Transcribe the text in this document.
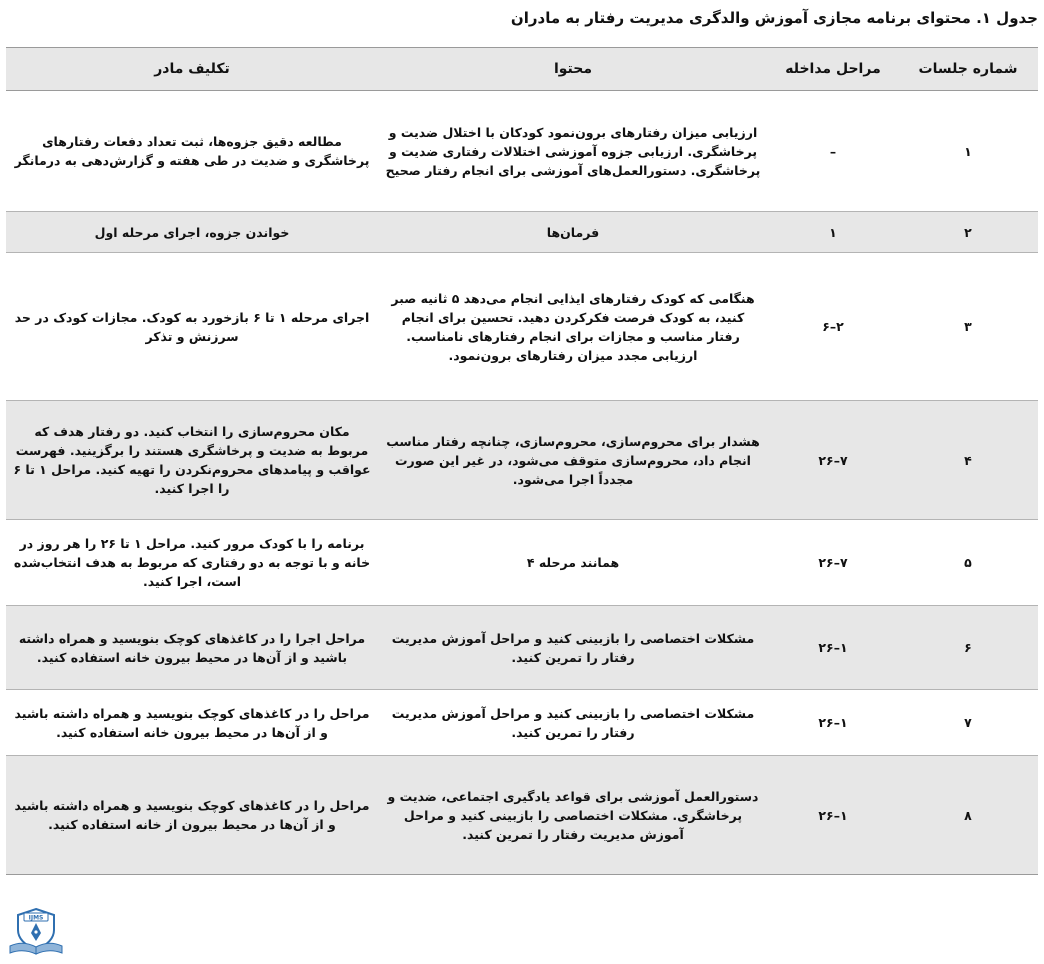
جدول ۱. محتوای برنامه مجازی آموزش والدگری مدیریت رفتار به مادران
شماره جلسات	مراحل مداخله	محتوا	تکلیف مادر
۱	–	ارزیابی میزان رفتارهای برون‌نمود کودکان با اختلال ضدیت و پرخاشگری. ارزیابی جزوه آموزشی اختلالات رفتاری ضدیت و پرخاشگری. دستورالعمل‌های آموزشی برای انجام رفتار صحیح	مطالعه دقیق جزوه‌ها، ثبت تعداد دفعات رفتارهای پرخاشگری و ضدیت در طی هفته و گزارش‌دهی به درمانگر
۲	۱	فرمان‌ها	خواندن جزوه، اجرای مرحله اول
۳	۲–۶	هنگامی که کودک رفتارهای ایذایی انجام می‌دهد ۵ ثانیه صبر کنید، به کودک فرصت فکرکردن دهید. تحسین برای انجام رفتار مناسب و مجازات برای انجام رفتارهای نامناسب. ارزیابی مجدد میزان رفتارهای برون‌نمود.	اجرای مرحله ۱ تا ۶ بازخورد به کودک. مجازات کودک در حد سرزنش و تذکر
۴	۷–۲۶	هشدار برای محروم‌سازی، محروم‌سازی، چنانچه رفتار مناسب انجام داد، محروم‌سازی متوقف می‌شود، در غیر این صورت مجدداً اجرا می‌شود.	مکان محروم‌سازی را انتخاب کنید. دو رفتار هدف که مربوط به ضدیت و پرخاشگری هستند را برگزینید. فهرست عواقب و پیامدهای محروم‌نکردن را تهیه کنید. مراحل ۱ تا ۶ را اجرا کنید.
۵	۷–۲۶	همانند مرحله ۴	برنامه را با کودک مرور کنید. مراحل ۱ تا ۲۶ را هر روز در خانه و با توجه به دو رفتاری که مربوط به هدف انتخاب‌شده است، اجرا کنید.
۶	۱–۲۶	مشکلات اختصاصی را بازبینی کنید و مراحل آموزش مدیریت رفتار را تمرین کنید.	مراحل اجرا را در کاغذهای کوچک بنویسید و همراه داشته باشید و از آن‌ها در محیط بیرون خانه استفاده کنید.
۷	۱–۲۶	مشکلات اختصاصی را بازبینی کنید و مراحل آموزش مدیریت رفتار را تمرین کنید.	مراحل را در کاغذهای کوچک بنویسید و همراه داشته باشید و از آن‌ها در محیط بیرون خانه استفاده کنید.
۸	۱–۲۶	دستورالعمل آموزشی برای قواعد یادگیری اجتماعی، ضدیت و پرخاشگری. مشکلات اختصاصی را بازبینی کنید و مراحل آموزش مدیریت رفتار را تمرین کنید.	مراحل را در کاغذهای کوچک بنویسید و همراه داشته باشید و از آن‌ها در محیط بیرون از خانه استفاده کنید.
IJMS
